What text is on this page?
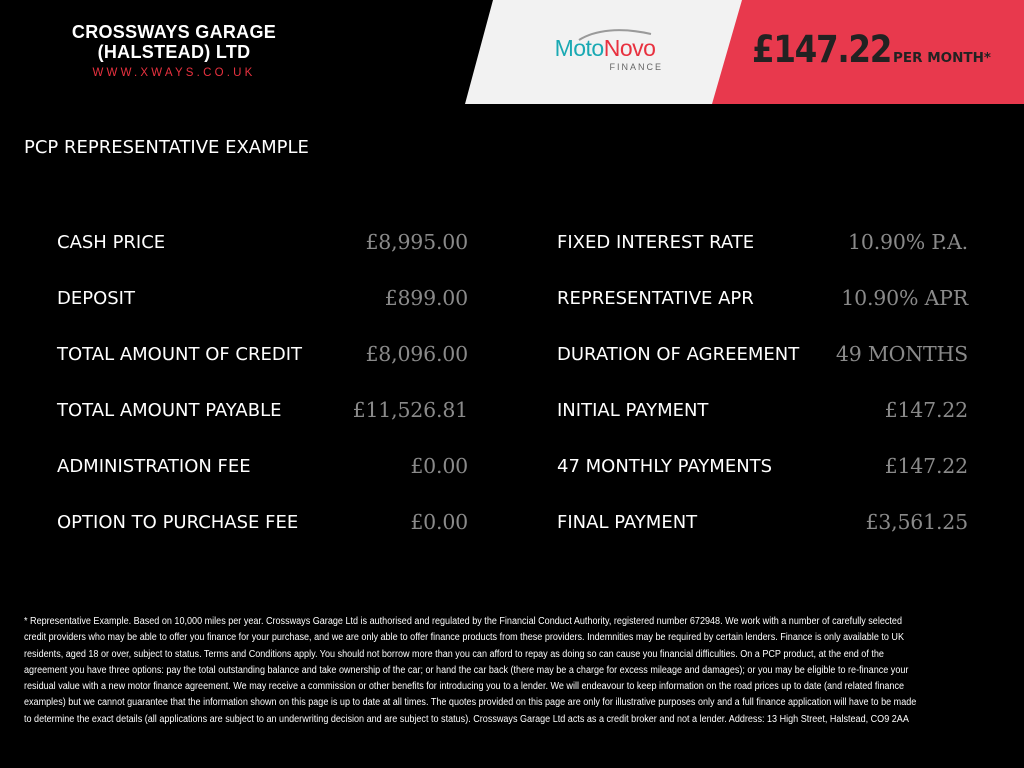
CROSSWAYS GARAGE
(HALSTEAD) LTD
WWW.XWAYS.CO.UK
MotoNovo
FINANCE	£147.22 PER MONTH*
PCP REPRESENTATIVE EXAMPLE
CASH PRICE	£8,995.00
DEPOSIT	£899.00
TOTAL AMOUNT OF CREDIT	£8,096.00
TOTAL AMOUNT PAYABLE	£11,526.81
ADMINISTRATION FEE	£0.00
OPTION TO PURCHASE FEE	£0.00
FIXED INTEREST RATE	10.90% P.A.
REPRESENTATIVE APR	10.90% APR
DURATION OF AGREEMENT 49 MONTHS
INITIAL PAYMENT	£147.22
47 MONTHLY PAYMENTS	£147.22
FINAL PAYMENT	£3,561.25
* Representative Example. Based on 10,000 miles per year. Crossways Garage Ltd is authorised and regulated by the Financial Conduct Authority, registered number 672948. We work with a number of carefully selected credit providers who may be able to offer you finance for your purchase, and we are only able to offer finance products from these providers. Indemnities may be required by certain lenders. Finance is only available to UK residents, aged 18 or over, subject to status. Terms and Conditions apply. You should not borrow more than you can afford to repay as doing so can cause you financial difficulties. On a PCP product, at the end of the agreement you have three options: pay the total outstanding balance and take ownership of the car; or hand the car back (there may be a charge for excess mileage and damages); or you may be eligible to re-finance your residual value with a new motor finance agreement. We may receive a commission or other benefits for introducing you to a lender. We will endeavour to keep information on the road prices up to date (and related finance examples) but we cannot guarantee that the information shown on this page is up to date at all times. The quotes provided on this page are only for illustrative purposes only and a full finance application will have to be made to determine the exact details (all applications are subject to an underwriting decision and are subject to status). Crossways Garage Ltd acts as a credit broker and not a lender. Address: 13 High Street, Halstead, CO9 2AA
